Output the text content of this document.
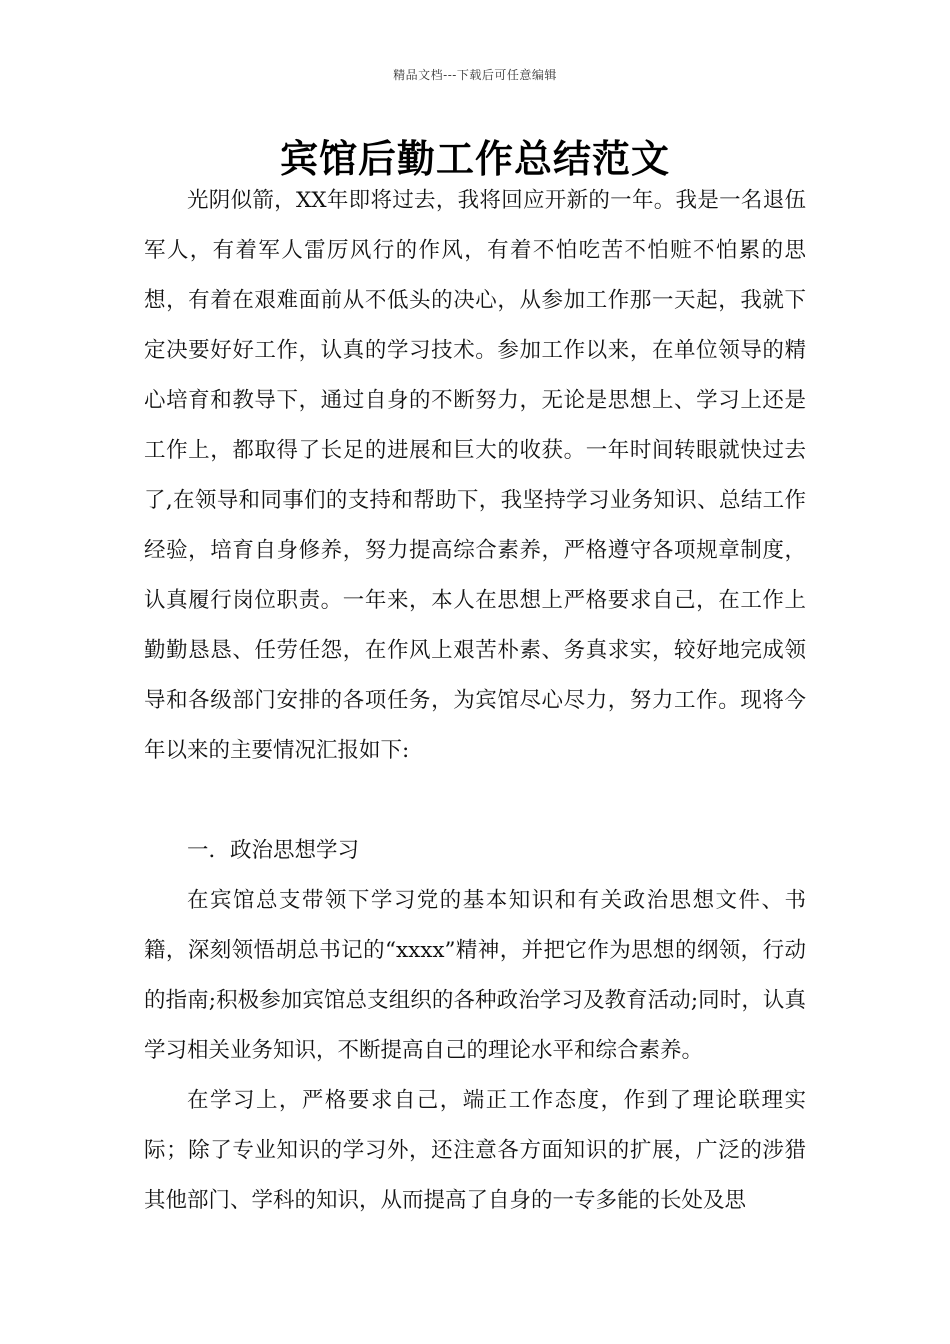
精品文档---下载后可任意编辑
宾馆后勤工作总结范文

光阴似箭，XX年即将过去，我将回应开新的一年。我是一名退伍军人，有着军人雷厉风行的作风，有着不怕吃苦不怕赃不怕累的思想，有着在艰难面前从不低头的决心，从参加工作那一天起，我就下定决要好好工作，认真的学习技术。参加工作以来，在单位领导的精心培育和教导下，通过自身的不断努力，无论是思想上、学习上还是工作上，都取得了长足的进展和巨大的收获。一年时间转眼就快过去了,在领导和同事们的支持和帮助下，我坚持学习业务知识、总结工作经验，培育自身修养，努力提高综合素养，严格遵守各项规章制度，认真履行岗位职责。一年来，本人在思想上严格要求自己，在工作上勤勤恳恳、任劳任怨，在作风上艰苦朴素、务真求实，较好地完成领导和各级部门安排的各项任务，为宾馆尽心尽力，努力工作。现将今年以来的主要情况汇报如下:

一．政治思想学习

在宾馆总支带领下学习党的基本知识和有关政治思想文件、书籍，深刻领悟胡总书记的“xxxx”精神，并把它作为思想的纲领，行动的指南;积极参加宾馆总支组织的各种政治学习及教育活动;同时，认真学习相关业务知识，不断提高自己的理论水平和综合素养。

在学习上，严格要求自己，端正工作态度，作到了理论联理实际；除了专业知识的学习外，还注意各方面知识的扩展，广泛的涉猎其他部门、学科的知识，从而提高了自身的一专多能的长处及思
